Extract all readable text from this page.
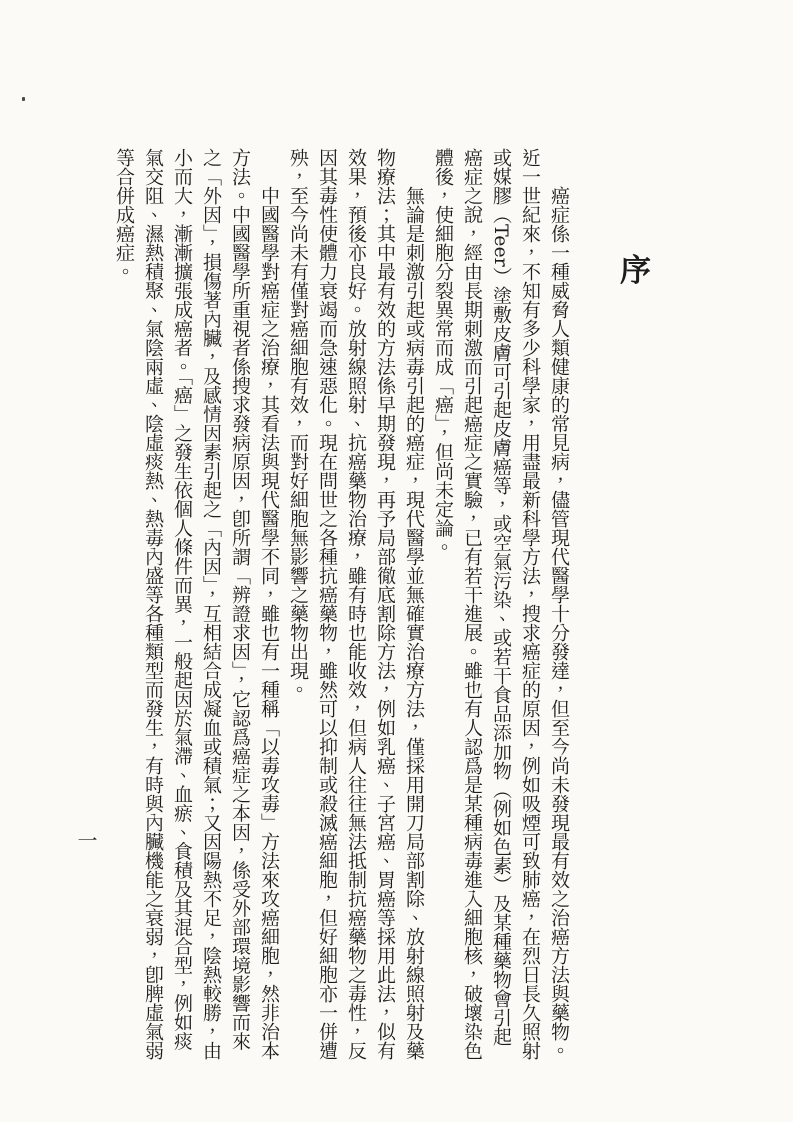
序

癌症係一種威脅人類健康的常見病，儘管現代醫學十分發達，但至今尚未發現最有效之治癌方法與藥物。近一世紀來，不知有多少科學家，用盡最新科學方法，搜求癌症的原因，例如吸煙可致肺癌，在烈日長久照射或媒膠（Teer）塗敷皮膚可引起皮膚癌等，或空氣污染、或若干食品添加物（例如色素）及某種藥物會引起癌症之說，經由長期刺激而引起癌症之實驗，已有若干進展。雖也有人認爲是某種病毒進入細胞核，破壞染色體後，使細胞分裂異常而成「癌」，但尚未定論。

無論是刺激引起或病毒引起的癌症，現代醫學並無確實治療方法，僅採用開刀局部割除、放射線照射及藥物療法；其中最有效的方法係早期發現，再予局部徹底割除方法，例如乳癌、子宮癌、胃癌等採用此法，似有效果，預後亦良好。放射線照射、抗癌藥物治療，雖有時也能收效，但病人往往無法抵制抗癌藥物之毒性，反因其毒性使體力衰竭而急速惡化。現在問世之各種抗癌藥物，雖然可以抑制或殺滅癌細胞，但好細胞亦一併遭殃，至今尚未有僅對癌細胞有效，而對好細胞無影響之藥物出現。

中國醫學對癌症之治療，其看法與現代醫學不同，雖也有一種稱「以毒攻毒」方法來攻癌細胞，然非治本方法。中國醫學所重視者係搜求發病原因，卽所謂「辨證求因」，它認爲癌症之本因，係受外部環境影響而來之「外因」，損傷著內臟，及感情因素引起之「內因」，互相結合成凝血或積氣；又因陽熱不足，陰熱較勝，由小而大，漸漸擴張成癌者。「癌」之發生依個人條件而異，一般起因於氣滯、血瘀、食積及其混合型，例如痰氣交阻、濕熱積聚、氣陰兩虛、陰虛痰熱、熱毒內盛等各種類型而發生，有時與內臟機能之衰弱，卽脾虛氣弱等合併成癌症。

一
